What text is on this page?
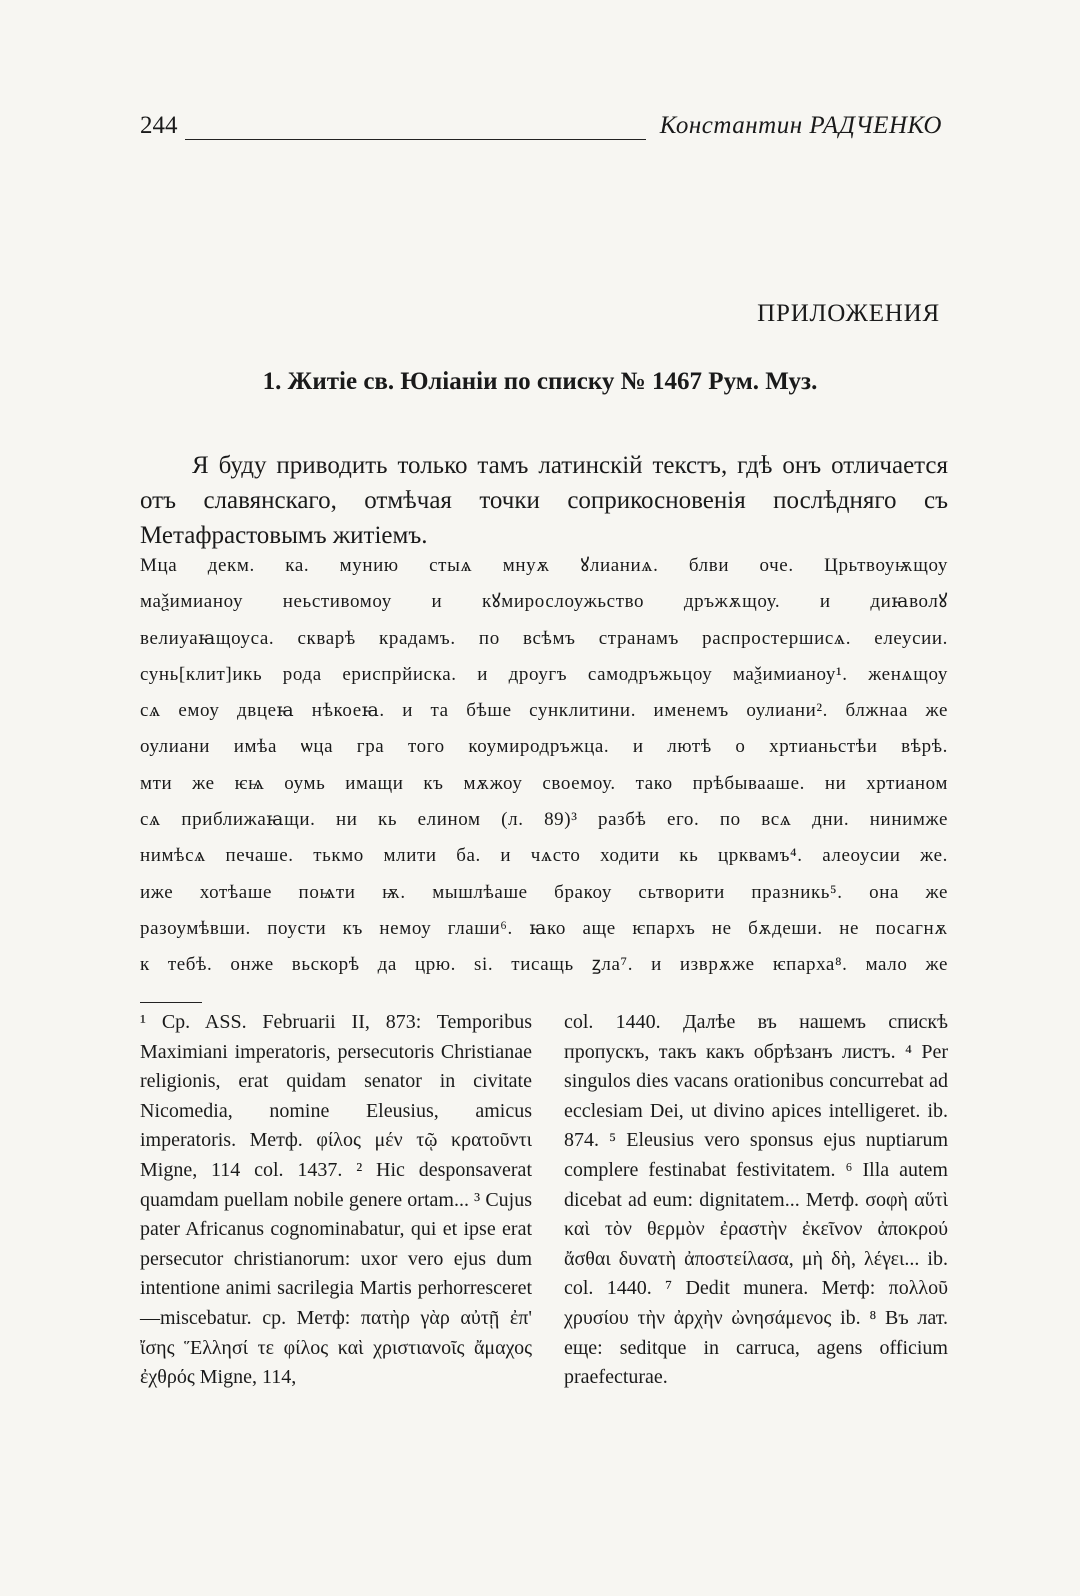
244	Константин РАДЧЕНКО
ПРИЛОЖЕНИЯ
1. Житіе св. Юліаніи по списку № 1467 Рум. Муз.

Я буду приводить только тамъ латинскій текстъ, гдѣ онъ отличается отъ славянскаго, отмѣчая точки соприкосновенія послѣдняго съ Метафрастовымъ житіемъ.

Мца декм. ка. мунию стыѧ мнуѫ ꙋлианиѧ. блви оче. Црьтвоуѭщоу
маѯимианоу неьстивомоу и кꙋмирослоужьство дръжѫщоу. и диꙗволꙋ
велиуаꙗщоуса. скварѣ крадамъ. по всѣмъ странамъ распростершисѧ. елеусии.
сунь[клит]икь рода ериспрйиска. и дроугъ самодръжьцоу маѯимианоу¹. женѧщоу
сѧ емоу двцеꙗ нѣкоеꙗ. и та бѣше сунклитини. именемъ оулиани². блжнаа же
оулиани имѣа ѡца гра того коумиродръжца. и лютѣ о хртианьстѣи вѣрѣ.
мти же ѥѩ оумь имащи къ мѫжоу своемоу. тако прѣбывааше. ни хртианом
сѧ приближаꙗщи. ни кь елином (л. 89)³ разбѣ его. по всѧ дни. нинимже
нимѣсѧ печаше. тькмо млити ба. и чѧсто ходити кь црквамъ⁴. алеоусии же.
иже хотѣаше поѩти ѭ. мышлѣаше бракоу сьтворити празникь⁵. она же
разоумѣвши. поусти къ немоу глаши⁶. ꙗко аще ѥпархъ не бѫдеши. не посагнѫ
к тебѣ. онже вьскорѣ да црю. ѕі. тисащь ꙁла⁷. и изврѫже ѥпарха⁸. мало же

¹ Cp. ASS. Februarii II, 873: Temporibus Maximiani imperatoris, persecutoris Christianae religionis, erat quidam senator in civitate Nicomedia, nomine Eleusius, amicus imperatoris. Метф. φίλος μέν τῷ κρατοῦντι Migne, 114 col. 1437. ² Hic desponsaverat quamdam puellam nobile genere ortam... ³ Cujus pater Africanus cognominabatur, qui et ipse erat persecutor christianorum: uxor vero ejus dum intentione animi sacrilegia Martis perhorresceret—miscebatur. ср. Метф: πατὴρ γὰρ αὐτῇ ἐπ' ἴσης Ἕλλησί τε φίλος καὶ χριστιανοῖς ἄμαχος ἐχθρός Migne, 114,

col. 1440. Далѣе въ нашемъ спискѣ пропускъ, такъ какъ обрѣзанъ листъ. ⁴ Per singulos dies vacans orationibus concurrebat ad ecclesiam Dei, ut divino apices intelligeret. ib. 874. ⁵ Eleusius vero sponsus ejus nuptiarum complere festinabat festivitatem. ⁶ Illa autem dicebat ad eum: dignitatem... Метф. σοφὴ αὕτὶ καὶ τὸν θερμὸν ἐραστὴν ἐκεῖνον ἀποκρού ἄσθαι δυνατὴ ἀποστείλασα, μὴ δὴ, λέγει... ib. col. 1440. ⁷ Dedit munera. Метф: πολλοῦ χρυσίου τὴν ἀρχὴν ὠνησάμενος ib. ⁸ Въ лат. еще: seditque in carruca, agens officium praefecturae.
